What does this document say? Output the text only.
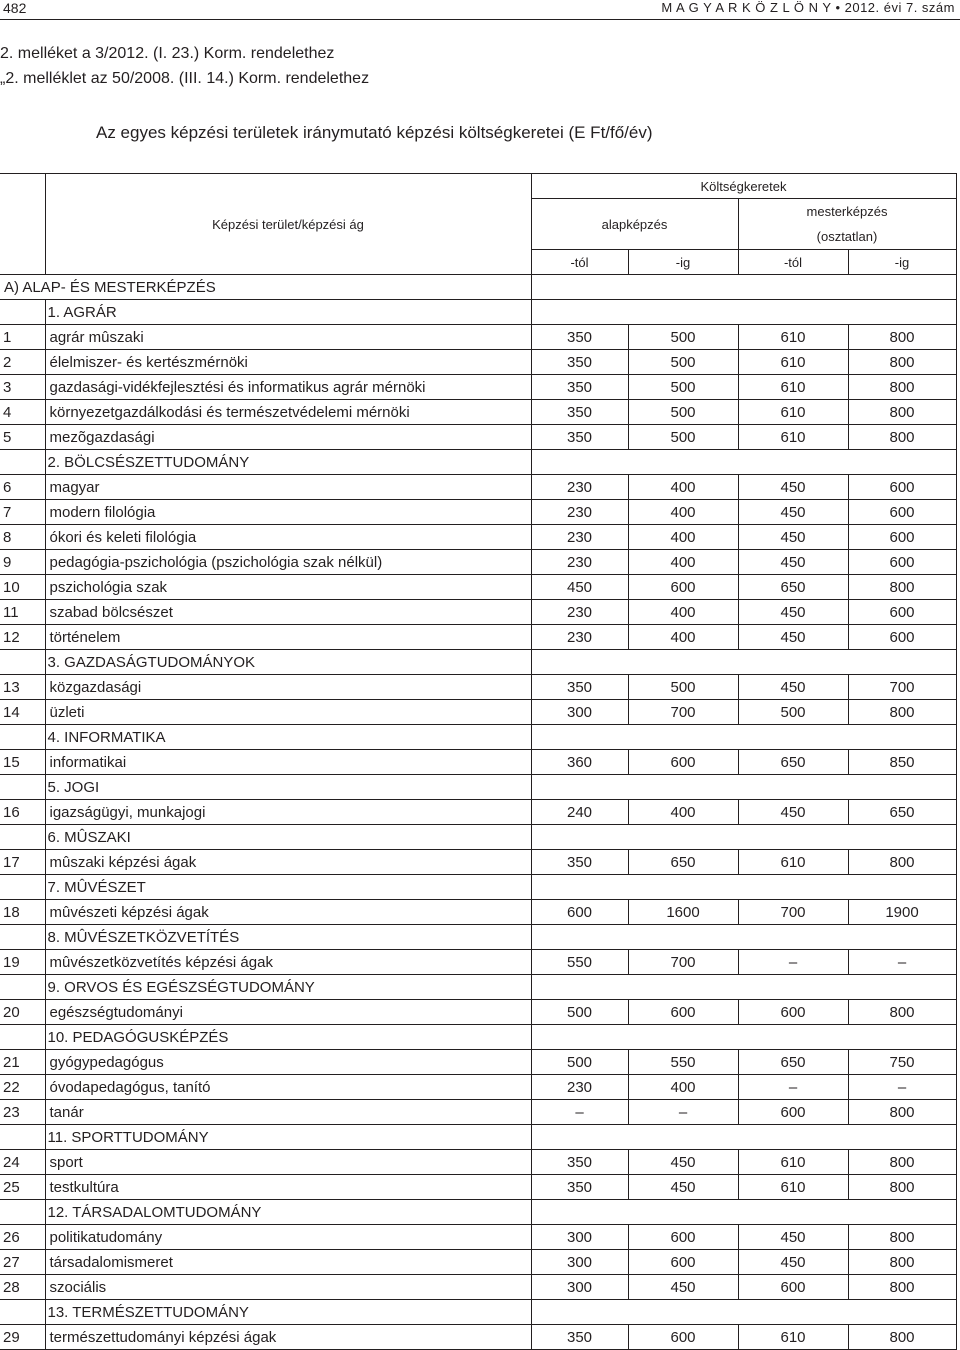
482	M A G Y A R K Ö Z L Ö N Y • 2012. évi 7. szám
2. melléket a 3/2012. (I. 23.) Korm. rendelethez
„2. melléklet az 50/2008. (III. 14.) Korm. rendelethez
Az egyes képzési területek iránymutató képzési költségkeretei (E Ft/fő/év)
	Képzési terület/képzési ág	Költségkeretek			
		alapképzés		mesterképzés	
				(osztatlan)	
		-tól	-ig	-tól	-ig
A) ALAP- ÉS MESTERKÉPZÉS					
	1. AGRÁR				
1	agrár mûszaki	350	500	610	800
2	élelmiszer- és kertészmérnöki	350	500	610	800
3	gazdasági-vidékfejlesztési és informatikus agrár mérnöki	350	500	610	800
4	környezetgazdálkodási és természetvédelemi mérnöki	350	500	610	800
5	mezõgazdasági	350	500	610	800
	2. BÖLCSÉSZETTUDOMÁNY				
6	magyar	230	400	450	600
7	modern filológia	230	400	450	600
8	ókori és keleti filológia	230	400	450	600
9	pedagógia-pszichológia (pszichológia szak nélkül)	230	400	450	600
10	pszichológia szak	450	600	650	800
11	szabad bölcsészet	230	400	450	600
12	történelem	230	400	450	600
	3. GAZDASÁGTUDOMÁNYOK				
13	közgazdasági	350	500	450	700
14	üzleti	300	700	500	800
	4. INFORMATIKA				
15	informatikai	360	600	650	850
	5. JOGI				
16	igazságügyi, munkajogi	240	400	450	650
	6. MÛSZAKI				
17	mûszaki képzési ágak	350	650	610	800
	7. MÛVÉSZET				
18	mûvészeti képzési ágak	600	1600	700	1900
	8. MÛVÉSZETKÖZVETÍTÉS				
19	mûvészetközvetítés képzési ágak	550	700	–	–
	9. ORVOS ÉS EGÉSZSÉGTUDOMÁNY				
20	egészségtudományi	500	600	600	800
	10. PEDAGÓGUSKÉPZÉS				
21	gyógypedagógus	500	550	650	750
22	óvodapedagógus, tanító	230	400	–	–
23	tanár	–	–	600	800
	11. SPORTTUDOMÁNY				
24	sport	350	450	610	800
25	testkultúra	350	450	610	800
	12. TÁRSADALOMTUDOMÁNY				
26	politikatudomány	300	600	450	800
27	társadalomismeret	300	600	450	800
28	szociális	300	450	600	800
	13. TERMÉSZETTUDOMÁNY				
29	természettudományi képzési ágak	350	600	610	800
